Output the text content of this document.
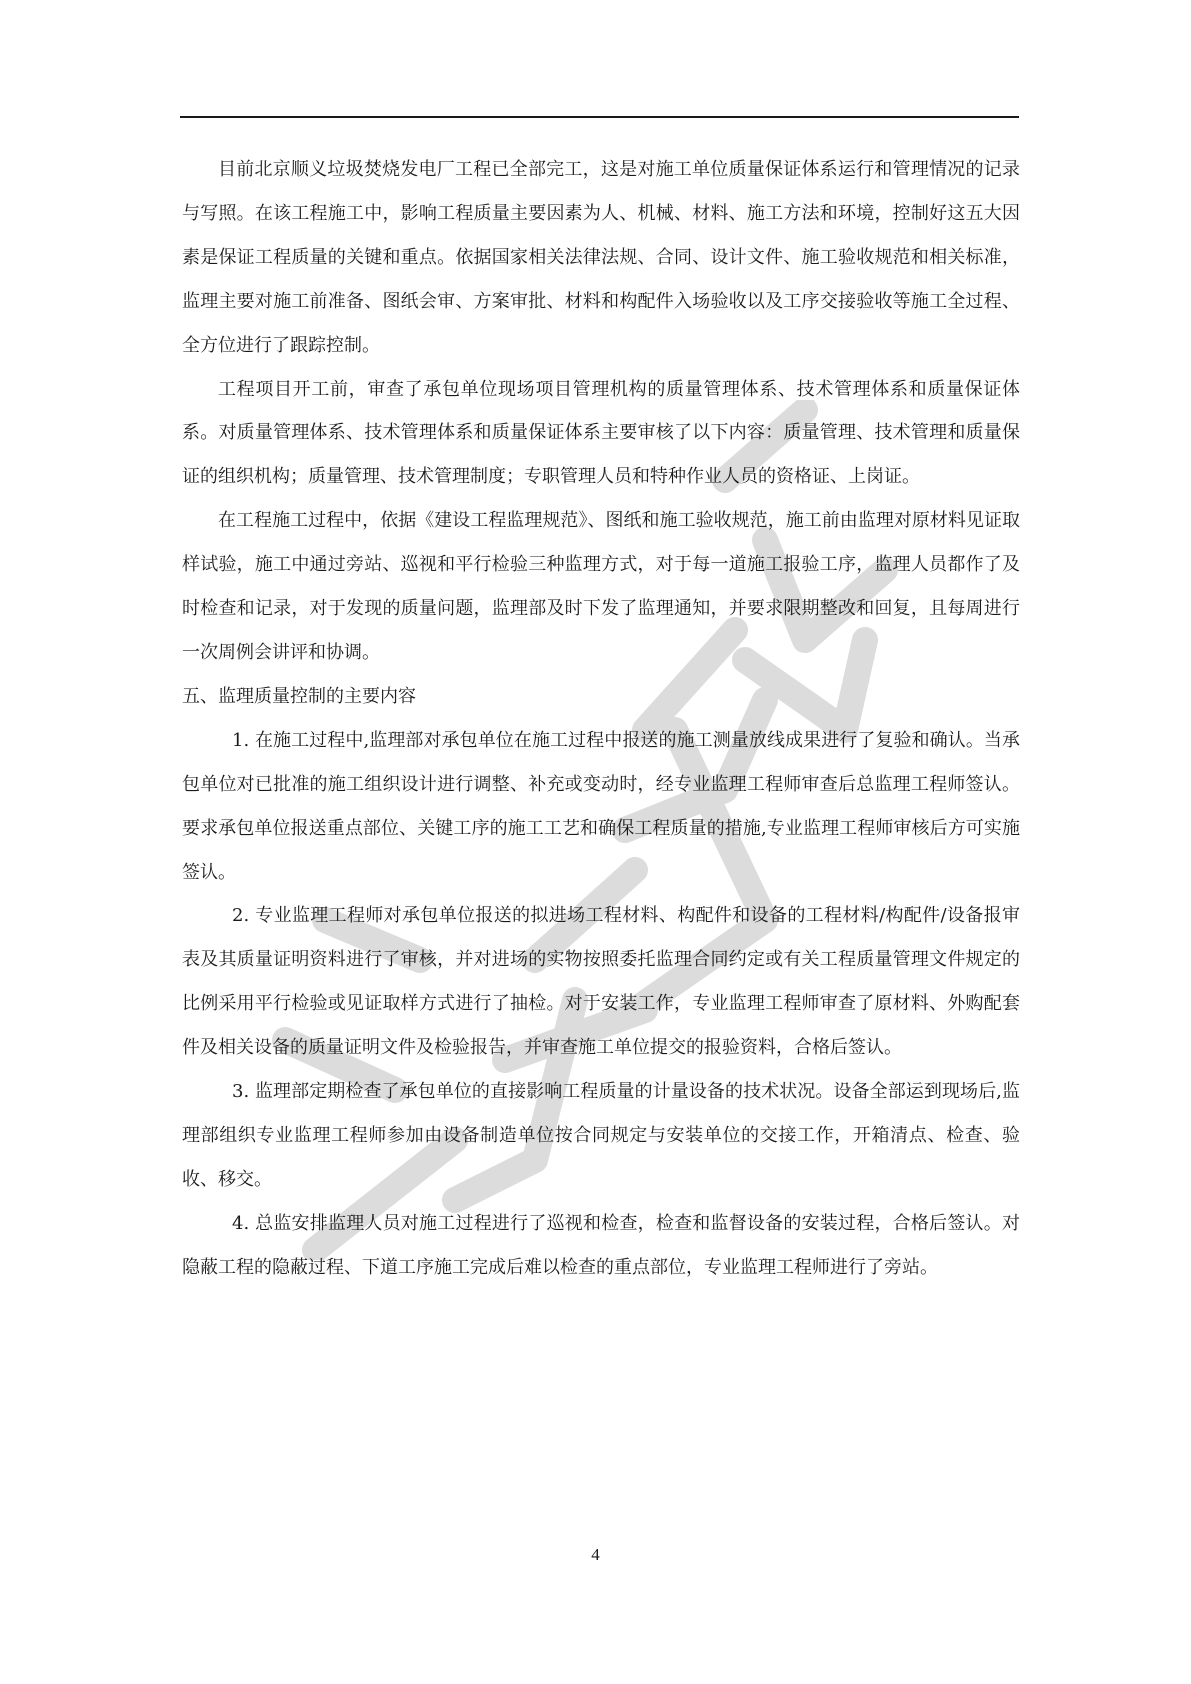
目前北京顺义垃圾焚烧发电厂工程已全部完工，这是对施工单位质量保证体系运行和管理情况的记录与写照。在该工程施工中，影响工程质量主要因素为人、机械、材料、施工方法和环境，控制好这五大因素是保证工程质量的关键和重点。依据国家相关法律法规、合同、设计文件、施工验收规范和相关标准，监理主要对施工前准备、图纸会审、方案审批、材料和构配件入场验收以及工序交接验收等施工全过程、全方位进行了跟踪控制。

工程项目开工前，审查了承包单位现场项目管理机构的质量管理体系、技术管理体系和质量保证体系。对质量管理体系、技术管理体系和质量保证体系主要审核了以下内容：质量管理、技术管理和质量保证的组织机构；质量管理、技术管理制度；专职管理人员和特种作业人员的资格证、上岗证。

在工程施工过程中，依据《建设工程监理规范》、图纸和施工验收规范，施工前由监理对原材料见证取样试验，施工中通过旁站、巡视和平行检验三种监理方式，对于每一道施工报验工序，监理人员都作了及时检查和记录，对于发现的质量问题，监理部及时下发了监理通知，并要求限期整改和回复，且每周进行一次周例会讲评和协调。

五、监理质量控制的主要内容

1. 在施工过程中,监理部对承包单位在施工过程中报送的施工测量放线成果进行了复验和确认。当承包单位对已批准的施工组织设计进行调整、补充或变动时，经专业监理工程师审查后总监理工程师签认。要求承包单位报送重点部位、关键工序的施工工艺和确保工程质量的措施,专业监理工程师审核后方可实施签认。

2. 专业监理工程师对承包单位报送的拟进场工程材料、构配件和设备的工程材料/构配件/设备报审表及其质量证明资料进行了审核，并对进场的实物按照委托监理合同约定或有关工程质量管理文件规定的比例采用平行检验或见证取样方式进行了抽检。对于安装工作，专业监理工程师审查了原材料、外购配套件及相关设备的质量证明文件及检验报告，并审查施工单位提交的报验资料，合格后签认。

3. 监理部定期检查了承包单位的直接影响工程质量的计量设备的技术状况。设备全部运到现场后,监理部组织专业监理工程师参加由设备制造单位按合同规定与安装单位的交接工作，开箱清点、检查、验收、移交。

4. 总监安排监理人员对施工过程进行了巡视和检查，检查和监督设备的安装过程，合格后签认。对隐蔽工程的隐蔽过程、下道工序施工完成后难以检查的重点部位，专业监理工程师进行了旁站。

4
